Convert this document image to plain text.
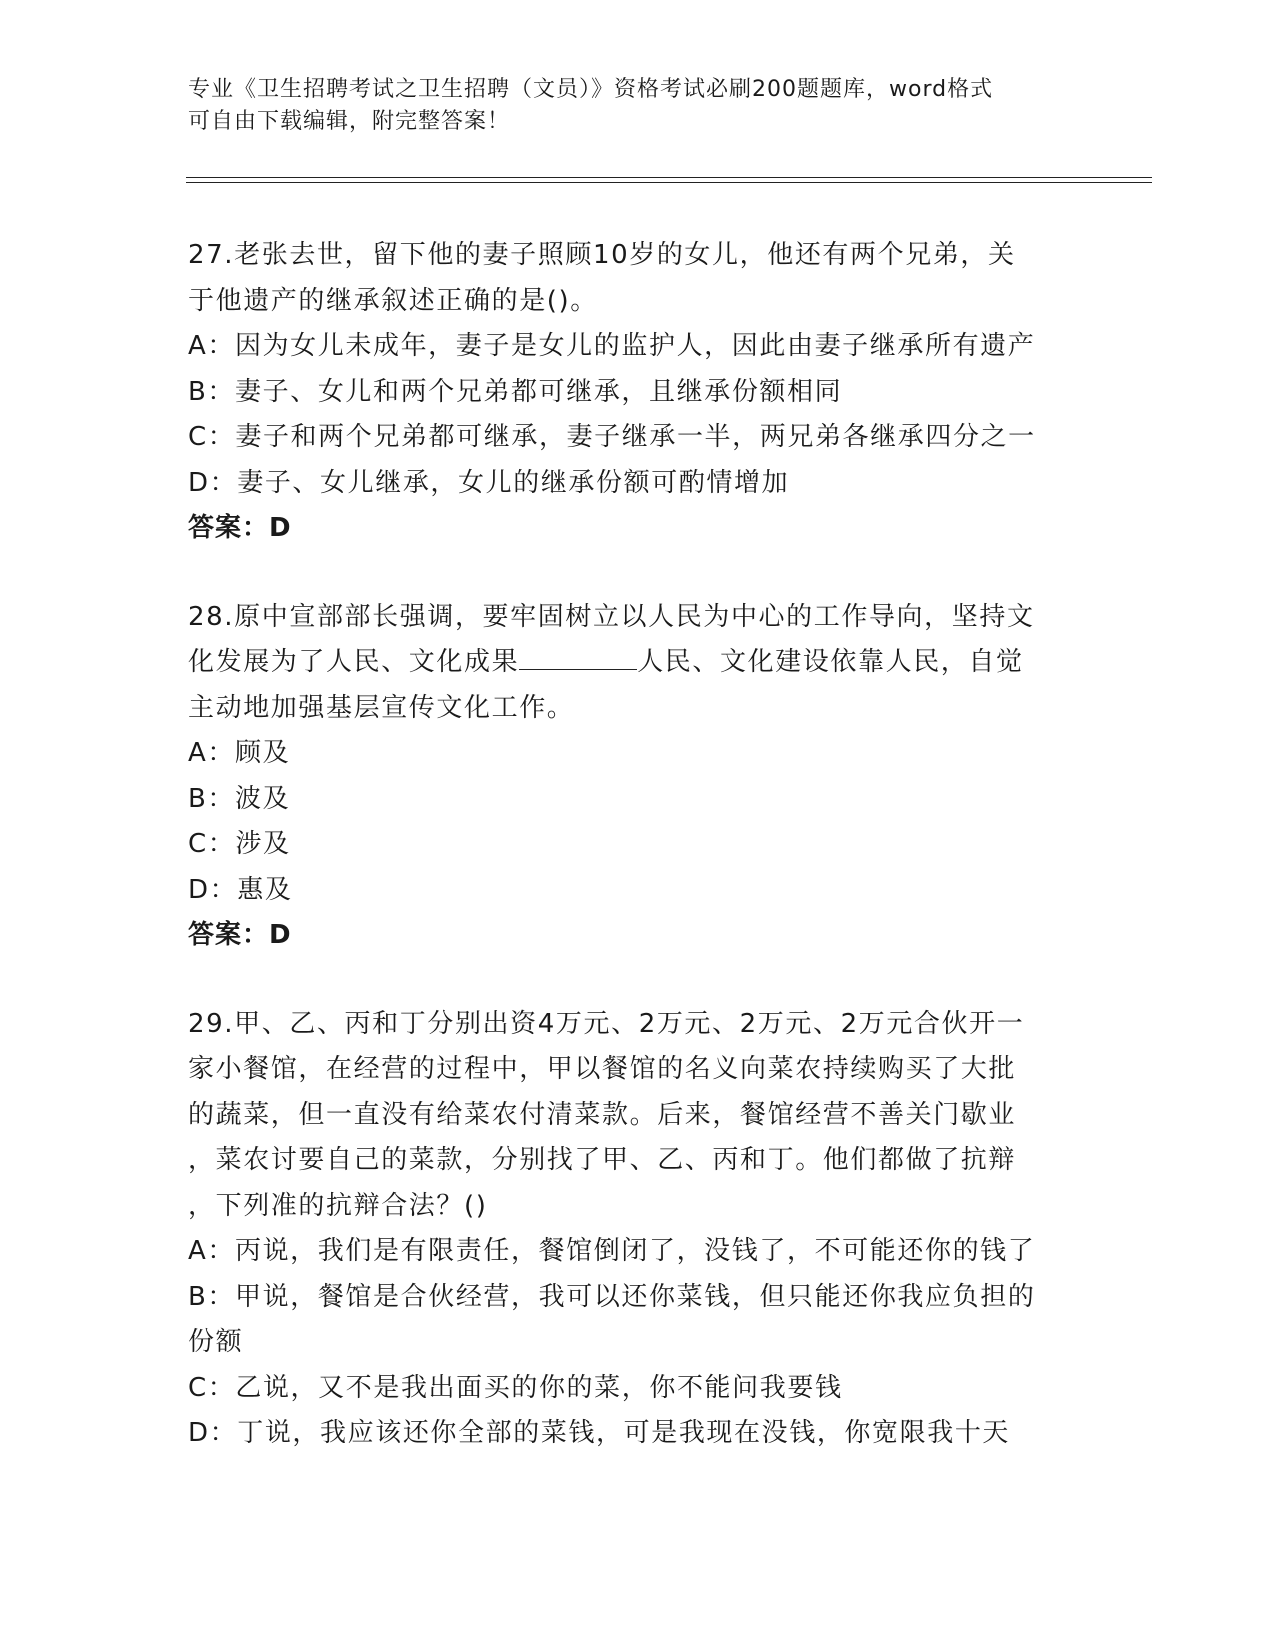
专业《卫生招聘考试之卫生招聘（文员）》资格考试必刷200题题库，word格式
可自由下载编辑，附完整答案！
27.老张去世，留下他的妻子照顾10岁的女儿，他还有两个兄弟，关
于他遗产的继承叙述正确的是()。
A：因为女儿未成年，妻子是女儿的监护人，因此由妻子继承所有遗产
B：妻子、女儿和两个兄弟都可继承，且继承份额相同
C：妻子和两个兄弟都可继承，妻子继承一半，两兄弟各继承四分之一
D：妻子、女儿继承，女儿的继承份额可酌情增加
答案：D
28.原中宣部部长强调，要牢固树立以人民为中心的工作导向，坚持文
化发展为了人民、文化成果	人民、文化建设依靠人民，自觉
主动地加强基层宣传文化工作。
A：顾及
B：波及
C：涉及
D：惠及
答案：D
29.甲、乙、丙和丁分别出资4万元、2万元、2万元、2万元合伙开一
家小餐馆，在经营的过程中，甲以餐馆的名义向菜农持续购买了大批
的蔬菜，但一直没有给菜农付清菜款。后来，餐馆经营不善关门歇业
，菜农讨要自己的菜款，分别找了甲、乙、丙和丁。他们都做了抗辩
，下列准的抗辩合法？()
A：丙说，我们是有限责任，餐馆倒闭了，没钱了，不可能还你的钱了
B：甲说，餐馆是合伙经营，我可以还你菜钱，但只能还你我应负担的
份额
C：乙说，又不是我出面买的你的菜，你不能问我要钱
D：丁说，我应该还你全部的菜钱，可是我现在没钱，你宽限我十天
